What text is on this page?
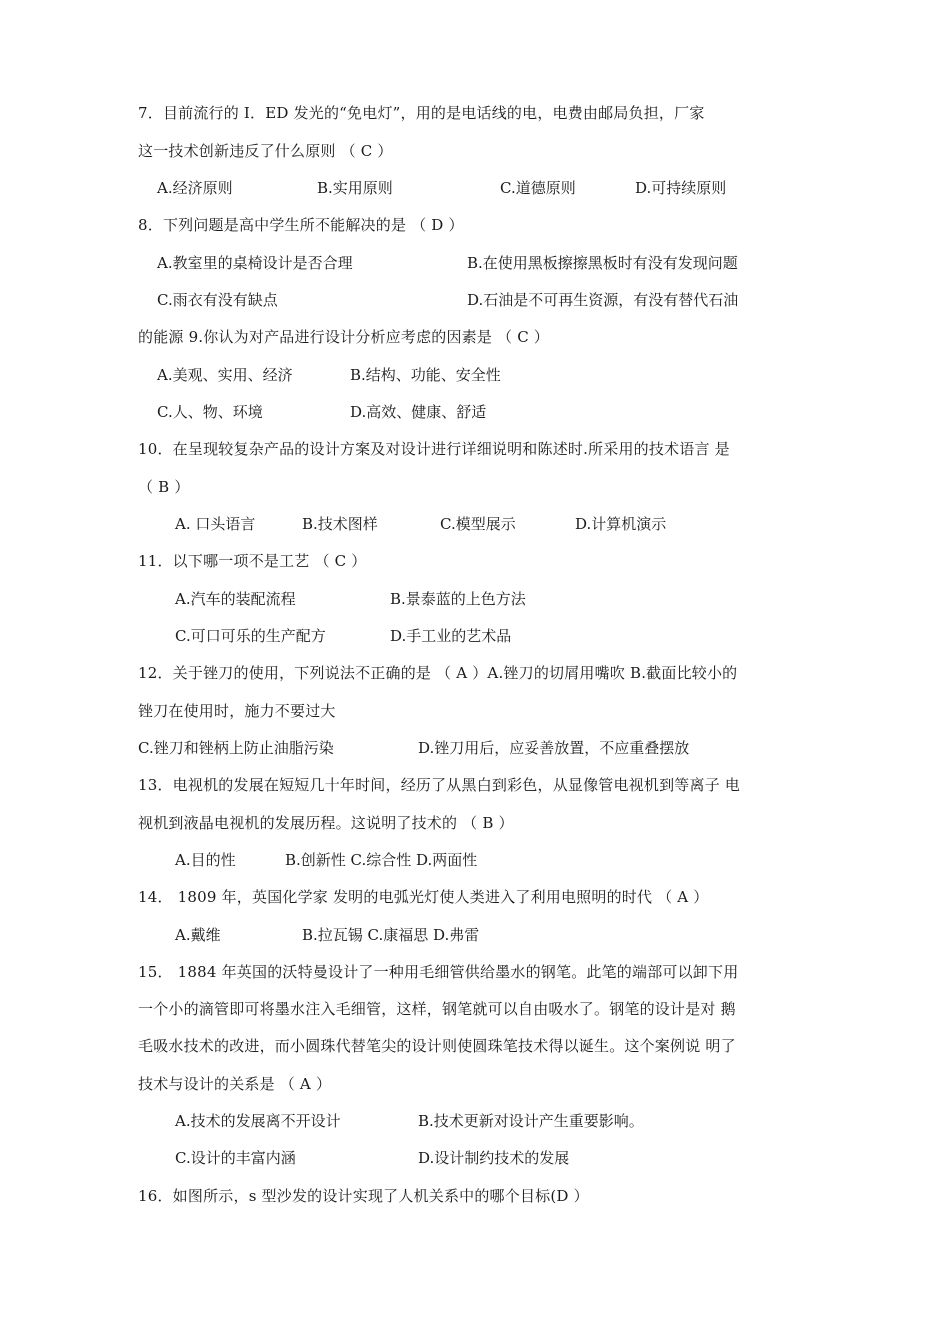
7．目前流行的 I．ED 发光的“免电灯”，用的是电话线的电，电费由邮局负担，厂家
这一技术创新违反了什么原则 （ C ）
A.经济原则	B.实用原则	C.道德原则	D.可持续原则
8．下列问题是高中学生所不能解决的是 （ D ）
A.教室里的桌椅设计是否合理	B.在使用黑板擦擦黑板时有没有发现问题
C.雨衣有没有缺点	D.石油是不可再生资源，有没有替代石油
的能源 9.你认为对产品进行设计分析应考虑的因素是 （ C ）
A.美观、实用、经济	B.结构、功能、安全性
C.人、物、环境	D.高效、健康、舒适
10．在呈现较复杂产品的设计方案及对设计进行详细说明和陈述时.所采用的技术语言 是
（ B ）
A. 口头语言	B.技术图样	C.模型展示	D.计算机演示
11．以下哪一项不是工艺 （ C ）
A.汽车的装配流程	B.景泰蓝的上色方法
C.可口可乐的生产配方	D.手工业的艺术品
12．关于锉刀的使用，下列说法不正确的是 （ A ）A.锉刀的切屑用嘴吹 B.截面比较小的
锉刀在使用时，施力不要过大
C.锉刀和锉柄上防止油脂污染	D.锉刀用后，应妥善放置，不应重叠摆放
13．电视机的发展在短短几十年时间，经历了从黑白到彩色，从显像管电视机到等离子 电
视机到液晶电视机的发展历程。这说明了技术的 （ B ）
A.目的性	B.创新性 C.综合性 D.两面性
14． 1809 年，英国化学家 发明的电弧光灯使人类进入了利用电照明的时代 （ A ）
A.戴维	B.拉瓦锡 C.康福思 D.弗雷
15． 1884 年英国的沃特曼设计了一种用毛细管供给墨水的钢笔。此笔的端部可以卸下用
一个小的滴管即可将墨水注入毛细管，这样，钢笔就可以自由吸水了。钢笔的设计是对 鹅
毛吸水技术的改进，而小圆珠代替笔尖的设计则使圆珠笔技术得以诞生。这个案例说 明了
技术与设计的关系是 （ A ）
A.技术的发展离不开设计	B.技术更新对设计产生重要影响。
C.设计的丰富内涵	D.设计制约技术的发展
16．如图所示，s 型沙发的设计实现了人机关系中的哪个目标(D ）
